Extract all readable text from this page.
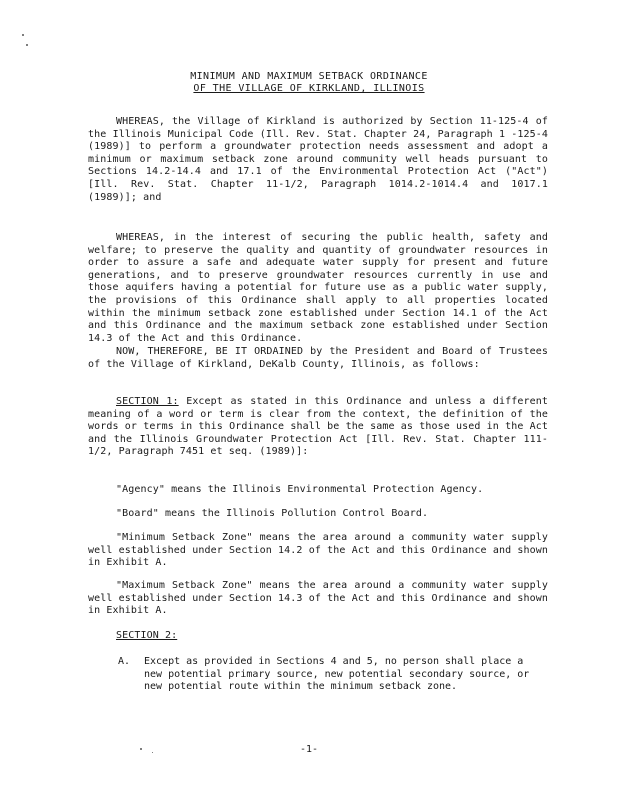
MINIMUM AND MAXIMUM SETBACK ORDINANCE
OF THE VILLAGE OF KIRKLAND, ILLINOIS

WHEREAS, the Village of Kirkland is authorized by Section 11-125-4 of the Illinois Municipal Code (Ill. Rev. Stat. Chapter 24, Paragraph 1 -125-4 (1989)] to perform a groundwater protection needs assessment and adopt a minimum or maximum setback zone around community well heads pursuant to Sections 14.2-14.4 and 17.1 of the Environmental Protection Act ("Act") [Ill. Rev. Stat. Chapter 11-1/2, Paragraph 1014.2-1014.4 and 1017.1 (1989)]; and

WHEREAS, in the interest of securing the public health, safety and welfare; to preserve the quality and quantity of groundwater resources in order to assure a safe and adequate water supply for present and future generations, and to preserve groundwater resources currently in use and those aquifers having a potential for future use as a public water supply, the provisions of this Ordinance shall apply to all properties located within the minimum setback zone established under Section 14.1 of the Act and this Ordinance and the maximum setback zone established under Section 14.3 of the Act and this Ordinance.

NOW, THEREFORE, BE IT ORDAINED by the President and Board of Trustees of the Village of Kirkland, DeKalb County, Illinois, as follows:

SECTION 1: Except as stated in this Ordinance and unless a different meaning of a word or term is clear from the context, the definition of the words or terms in this Ordinance shall be the same as those used in the Act and the Illinois Groundwater Protection Act [Ill. Rev. Stat. Chapter 111-1/2, Paragraph 7451 et seq. (1989)]:

"Agency" means the Illinois Environmental Protection Agency.

"Board" means the Illinois Pollution Control Board.

"Minimum Setback Zone" means the area around a community water supply well established under Section 14.2 of the Act and this Ordinance and shown in Exhibit A.

"Maximum Setback Zone" means the area around a community water supply well established under Section 14.3 of the Act and this Ordinance and shown in Exhibit A.

SECTION 2:

A. Except as provided in Sections 4 and 5, no person shall place a new potential primary source, new potential secondary source, or new potential route within the minimum setback zone.
-1-
